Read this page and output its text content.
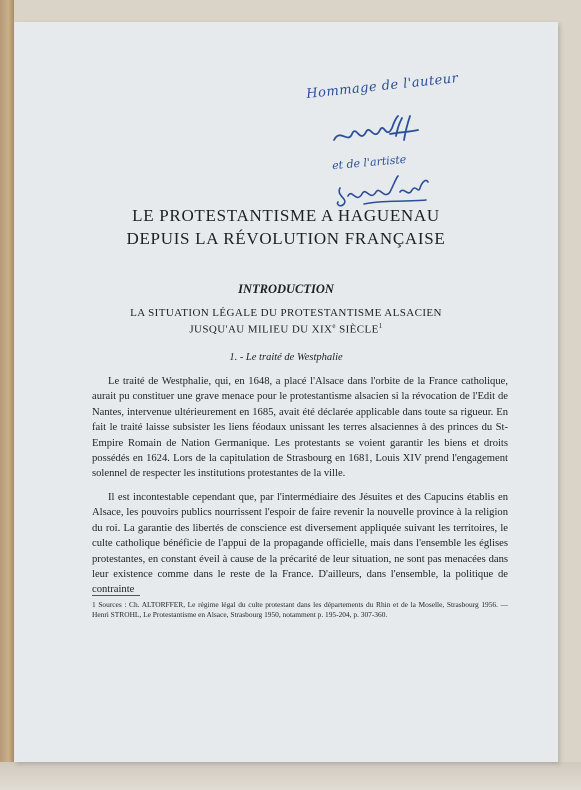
Hommage de l'auteur
et de l'artiste
LE PROTESTANTISME A HAGUENAU
DEPUIS LA RÉVOLUTION FRANÇAISE
INTRODUCTION
LA SITUATION LÉGALE DU PROTESTANTISME ALSACIEN
JUSQU'AU MILIEU DU XIXe SIÈCLE$^1$
1. - Le traité de Westphalie

Le traité de Westphalie, qui, en 1648, a placé l'Alsace dans l'orbite de la France catholique, aurait pu constituer une grave menace pour le protestantisme alsacien si la révocation de l'Edit de Nantes, intervenue ultérieurement en 1685, avait été déclarée applicable dans toute sa rigueur. En fait le traité laisse subsister les liens féodaux unissant les terres alsaciennes à des princes du St-Empire Romain de Nation Germanique. Les protestants se voient garantir les biens et droits possédés en 1624. Lors de la capitulation de Strasbourg en 1681, Louis XIV prend l'engagement solennel de respecter les institutions protestantes de la ville.

Il est incontestable cependant que, par l'intermédiaire des Jésuites et des Capucins établis en Alsace, les pouvoirs publics nourrissent l'espoir de faire revenir la nouvelle province à la religion du roi. La garantie des libertés de conscience est diversement appliquée suivant les territoires, le culte catholique bénéficie de l'appui de la propagande officielle, mais dans l'ensemble les églises protestantes, en constant éveil à cause de la précarité de leur situation, ne sont pas menacées dans leur existence comme dans le reste de la France. D'ailleurs, dans l'ensemble, la politique de contrainte

1 Sources : Ch. ALTORFFER, Le régime légal du culte protestant dans les départements du Rhin et de la Moselle, Strasbourg 1956. — Henri STROHL, Le Protestantisme en Alsace, Strasbourg 1950, notamment p. 195-204, p. 307-360.
